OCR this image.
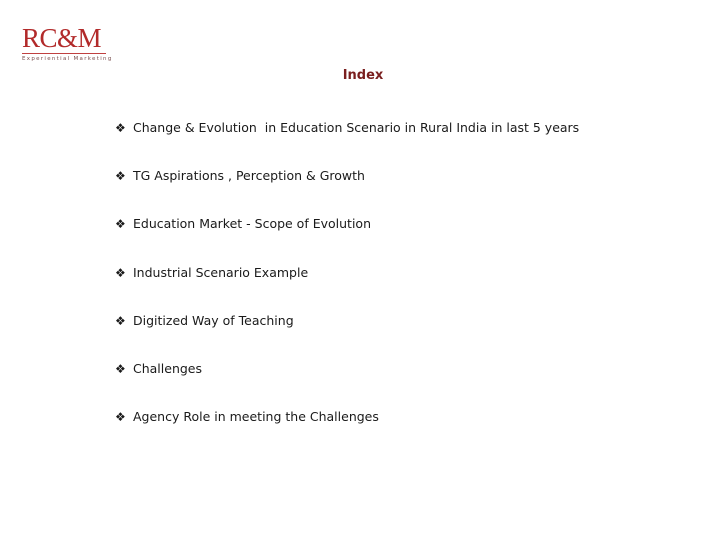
RC&M
Experiential Marketing
Index
❖ Change & Evolution  in Education Scenario in Rural India in last 5 years
❖ TG Aspirations , Perception & Growth
❖ Education Market - Scope of Evolution
❖ Industrial Scenario Example
❖ Digitized Way of Teaching
❖ Challenges
❖ Agency Role in meeting the Challenges
